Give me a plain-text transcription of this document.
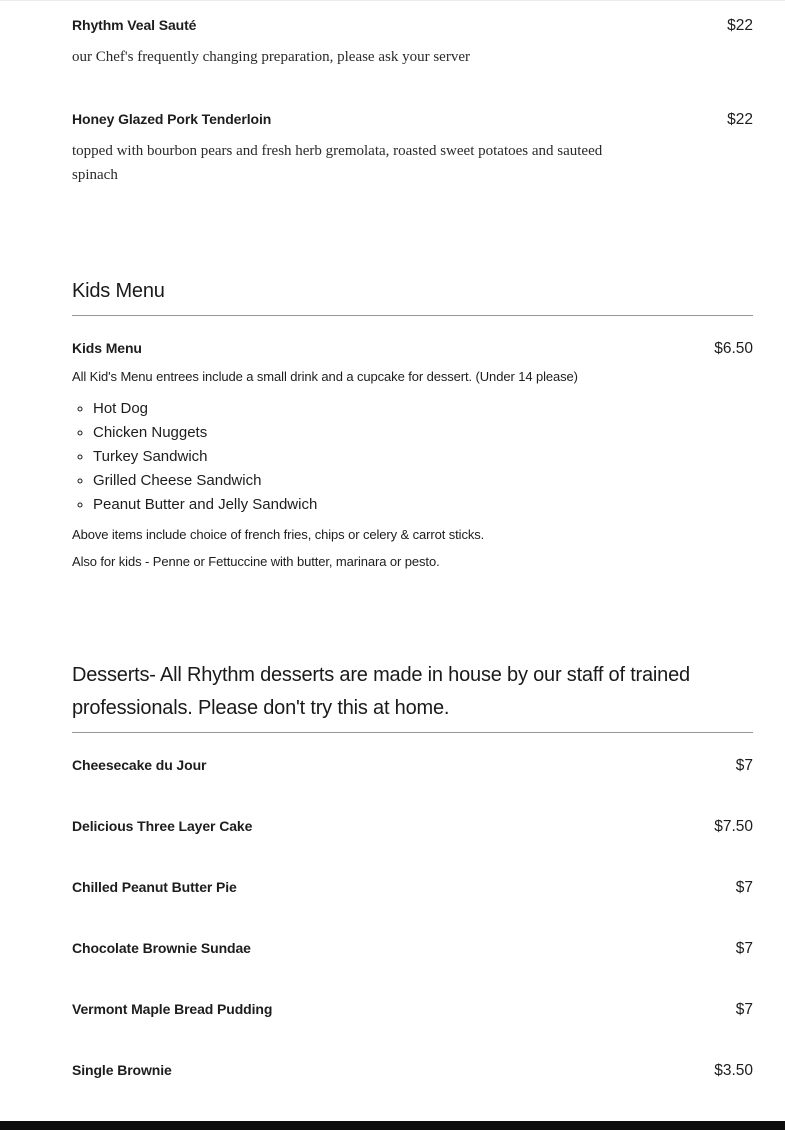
Rhythm Veal Sauté	$22

our Chef's frequently changing preparation, please ask your server

Honey Glazed Pork Tenderloin	$22

topped with bourbon pears and fresh herb gremolata, roasted sweet potatoes and sauteed spinach

Kids Menu
Kids Menu	$6.50

All Kid's Menu entrees include a small drink and a cupcake for dessert. (Under 14 please)

◦ Hot Dog
◦ Chicken Nuggets
◦ Turkey Sandwich
◦ Grilled Cheese Sandwich
◦ Peanut Butter and Jelly Sandwich

Above items include choice of french fries, chips or celery & carrot sticks.

Also for kids - Penne or Fettuccine with butter, marinara or pesto.

Desserts- All Rhythm desserts are made in house by our staff of trained professionals. Please don't try this at home.
Cheesecake du Jour	$7
Delicious Three Layer Cake	$7.50
Chilled Peanut Butter Pie	$7
Chocolate Brownie Sundae	$7
Vermont Maple Bread Pudding	$7
Single Brownie	$3.50
